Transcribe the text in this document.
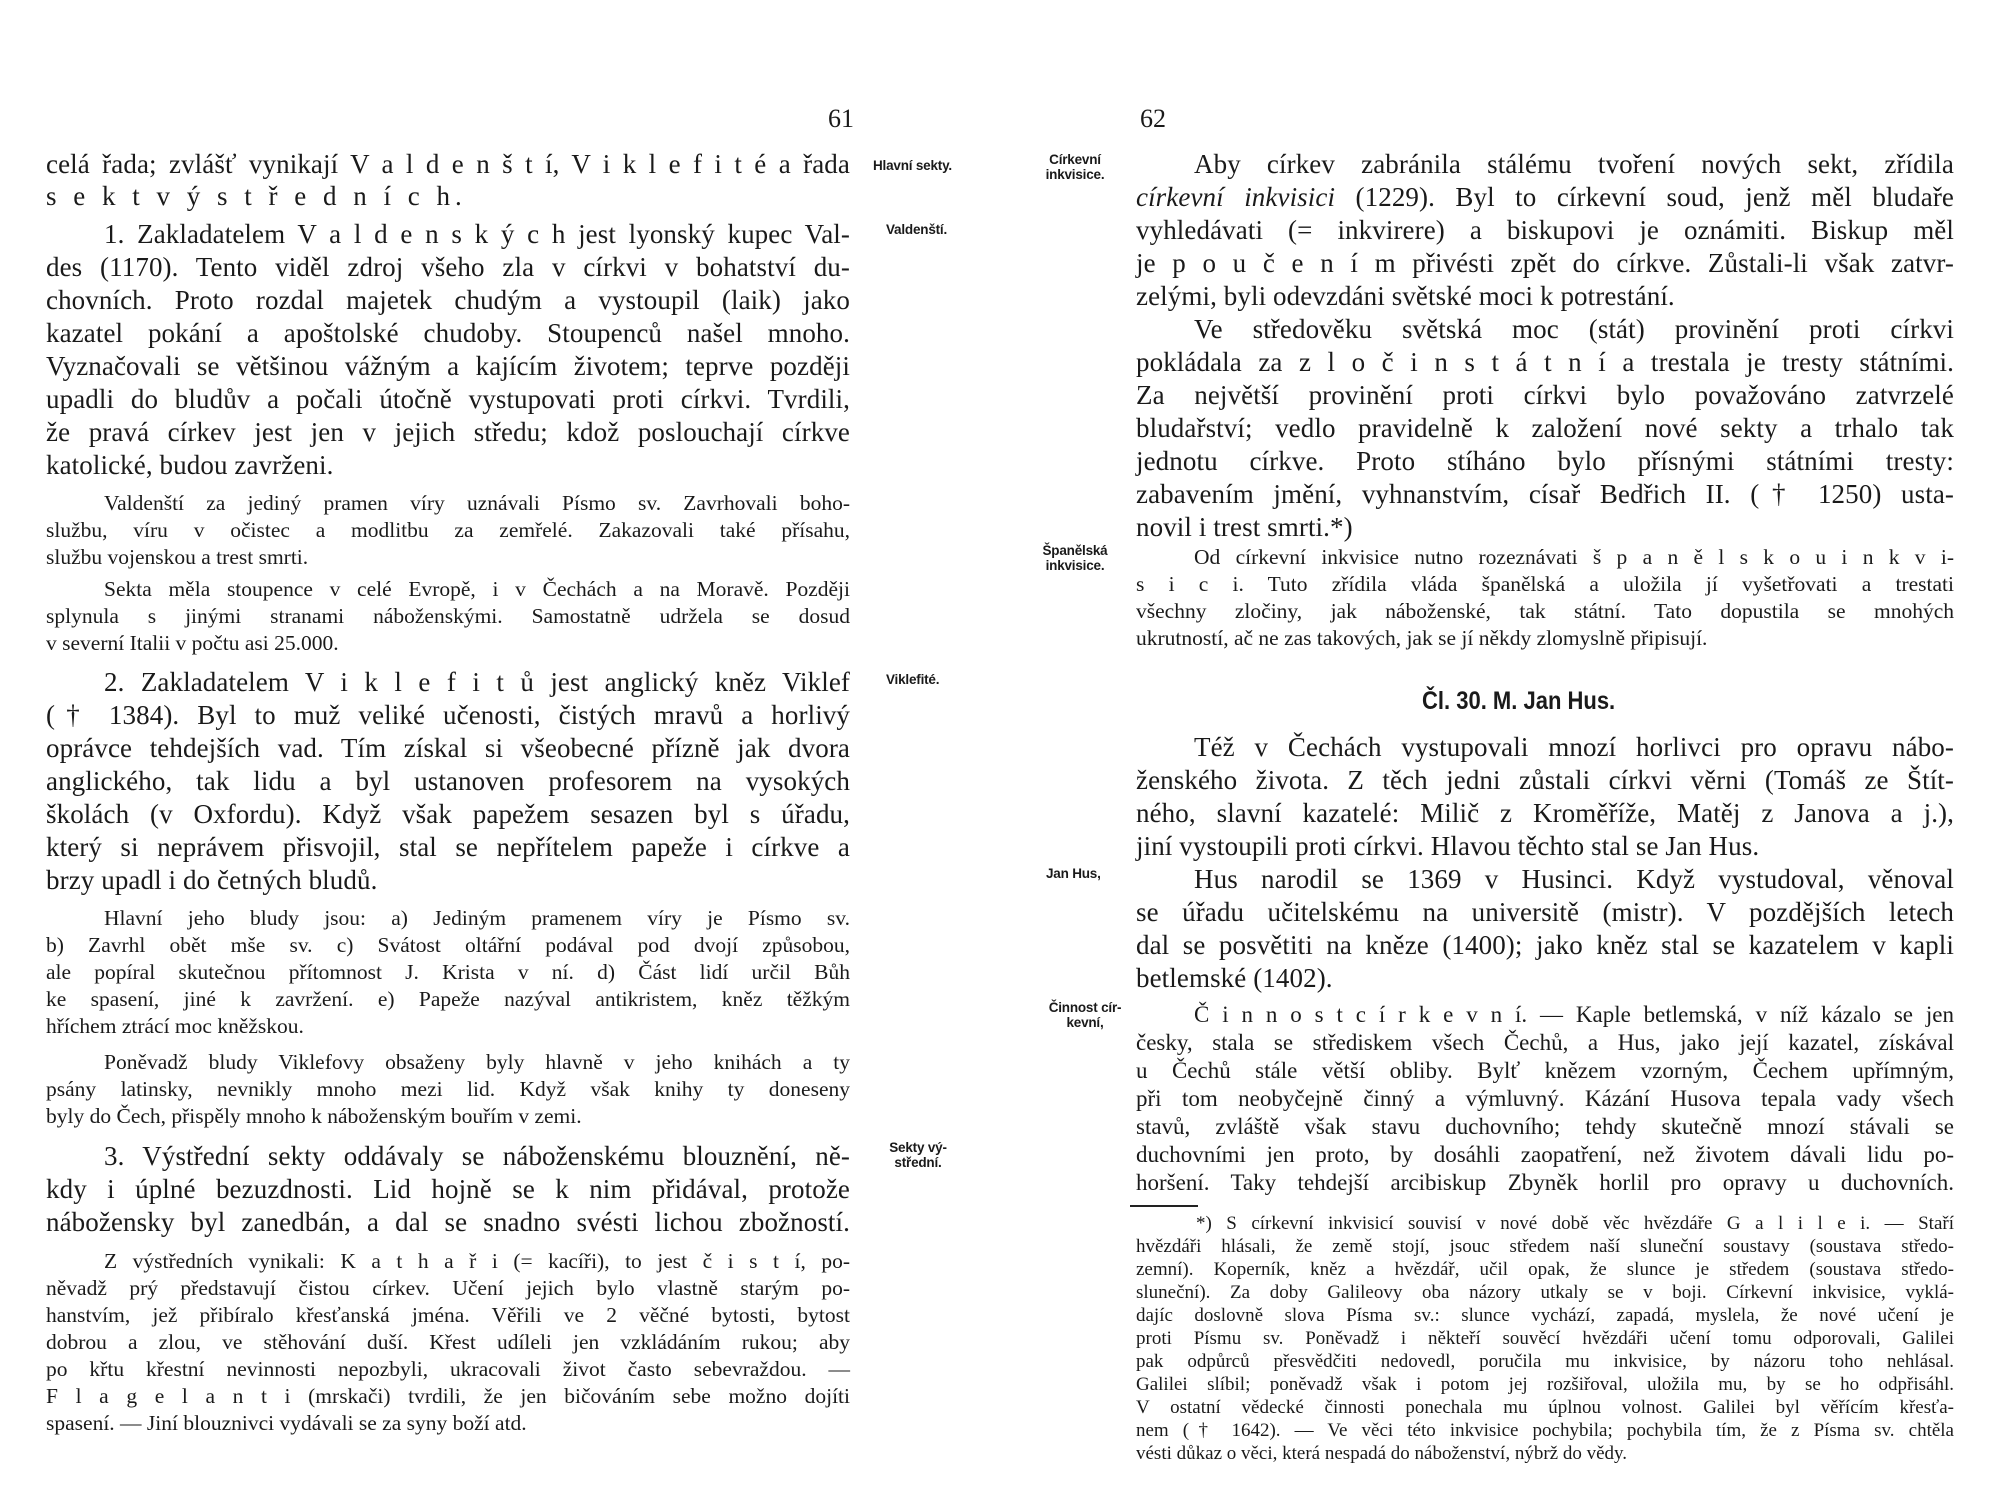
61
Hlavní sekty.
Valdenští.
Viklefité.
Sekty vý-
střední.
celá řada; zvlášť vynikají V a l d e n š t í, V i k l e f i t é a řada
s e k t v ý s t ř e d n í c h.
1. Zakladatelem V a l d e n s k ý c h jest lyonský kupec Val-
des (1170). Tento viděl zdroj všeho zla v církvi v bohatství du-
chovních. Proto rozdal majetek chudým a vystoupil (laik) jako
kazatel pokání a apoštolské chudoby. Stoupenců našel mnoho.
Vyznačovali se většinou vážným a kajícím životem; teprve později
upadli do bludův a počali útočně vystupovati proti církvi. Tvrdili,
že pravá církev jest jen v jejich středu; kdož poslouchají církve
katolické, budou zavrženi.
Valdenští za jediný pramen víry uznávali Písmo sv. Zavrhovali boho-
službu, víru v očistec a modlitbu za zemřelé. Zakazovali také přísahu,
službu vojenskou a trest smrti.
Sekta měla stoupence v celé Evropě, i v Čechách a na Moravě. Později
splynula s jinými stranami náboženskými. Samostatně udržela se dosud
v severní Italii v počtu asi 25.000.
2. Zakladatelem V i k l e f i t ů jest anglický kněz Viklef
(† 1384). Byl to muž veliké učenosti, čistých mravů a horlivý
oprávce tehdejších vad. Tím získal si všeobecné přízně jak dvora
anglického, tak lidu a byl ustanoven profesorem na vysokých
školách (v Oxfordu). Když však papežem sesazen byl s úřadu,
který si neprávem přisvojil, stal se nepřítelem papeže i církve a
brzy upadl i do četných bludů.
Hlavní jeho bludy jsou: a) Jediným pramenem víry je Písmo sv.
b) Zavrhl obět mše sv. c) Svátost oltářní podával pod dvojí způsobou,
ale popíral skutečnou přítomnost J. Krista v ní. d) Část lidí určil Bůh
ke spasení, jiné k zavržení. e) Papeže nazýval antikristem, kněz těžkým
hříchem ztrácí moc kněžskou.
Poněvadž bludy Viklefovy obsaženy byly hlavně v jeho knihách a ty
psány latinsky, nevnikly mnoho mezi lid. Když však knihy ty doneseny
byly do Čech, přispěly mnoho k náboženským bouřím v zemi.
3. Výstřední sekty oddávaly se náboženskému blouznění, ně-
kdy i úplné bezuzdnosti. Lid hojně se k nim přidával, protože
nábožensky byl zanedbán, a dal se snadno svésti lichou zbožností.
Z výstředních vynikali: K a t h a ř i (= kacíři), to jest č i s t í, po-
něvadž prý představují čistou církev. Učení jejich bylo vlastně starým po-
hanstvím, jež přibíralo křesťanská jména. Věřili ve 2 věčné bytosti, bytost
dobrou a zlou, ve stěhování duší. Křest udíleli jen vzkládáním rukou; aby
po křtu křestní nevinnosti nepozbyli, ukracovali život často sebevraždou. —
F l a g e l a n t i (mrskači) tvrdili, že jen bičováním sebe možno dojíti
spasení. — Jiní blouznivci vydávali se za syny boží atd.
62
Církevní
inkvisice.
Španělská
inkvisice.
Jan Hus,
Činnost cír-
kevní,
Aby církev zabránila stálému tvoření nových sekt, zřídila
církevní inkvisici (1229). Byl to církevní soud, jenž měl bludaře
vyhledávati (= inkvirere) a biskupovi je oznámiti. Biskup měl
je p o u č e n í m přivésti zpět do církve. Zůstali-li však zatvr-
zelými, byli odevzdáni světské moci k potrestání.
Ve středověku světská moc (stát) provinění proti církvi
pokládala za z l o č i n s t á t n í a trestala je tresty státními.
Za největší provinění proti církvi bylo považováno zatvrzelé
bludařství; vedlo pravidelně k založení nové sekty a trhalo tak
jednotu církve. Proto stíháno bylo přísnými státními tresty:
zabavením jmění, vyhnanstvím, císař Bedřich II. († 1250) usta-
novil i trest smrti.*)
Od církevní inkvisice nutno rozeznávati š p a n ě l s k o u i n k v i-
s i c i. Tuto zřídila vláda španělská a uložila jí vyšetřovati a trestati
všechny zločiny, jak náboženské, tak státní. Tato dopustila se mnohých
ukrutností, ač ne zas takových, jak se jí někdy zlomyslně připisují.
Čl. 30. M. Jan Hus.
Též v Čechách vystupovali mnozí horlivci pro opravu nábo-
ženského života. Z těch jedni zůstali církvi věrni (Tomáš ze Štít-
ného, slavní kazatelé: Milič z Kroměříže, Matěj z Janova a j.),
jiní vystoupili proti církvi. Hlavou těchto stal se Jan Hus.
Hus narodil se 1369 v Husinci. Když vystudoval, věnoval
se úřadu učitelskému na universitě (mistr). V pozdějších letech
dal se posvětiti na kněze (1400); jako kněz stal se kazatelem v kapli
betlemské (1402).
Č i n n o s t c í r k e v n í. — Kaple betlemská, v níž kázalo se jen
česky, stala se střediskem všech Čechů, a Hus, jako její kazatel, získával
u Čechů stále větší obliby. Bylť knězem vzorným, Čechem upřímným,
při tom neobyčejně činný a výmluvný. Kázání Husova tepala vady všech
stavů, zvláště však stavu duchovního; tehdy skutečně mnozí stávali se
duchovními jen proto, by dosáhli zaopatření, než životem dávali lidu po-
horšení. Taky tehdejší arcibiskup Zbyněk horlil pro opravy u duchovních.
*) S církevní inkvisicí souvisí v nové době věc hvězdáře G a l i l e i. — Staří
hvězdáři hlásali, že země stojí, jsouc středem naší sluneční soustavy (soustava středo-
zemní). Koperník, kněz a hvězdář, učil opak, že slunce je středem (soustava středo-
sluneční). Za doby Galileovy oba názory utkaly se v boji. Církevní inkvisice, vyklá-
dajíc doslovně slova Písma sv.: slunce vychází, zapadá, myslela, že nové učení je
proti Písmu sv. Poněvadž i někteří souvěcí hvězdáři učení tomu odporovali, Galilei
pak odpůrců přesvědčiti nedovedl, poručila mu inkvisice, by názoru toho nehlásal.
Galilei slíbil; poněvadž však i potom jej rozšiřoval, uložila mu, by se ho odpřisáhl.
V ostatní vědecké činnosti ponechala mu úplnou volnost. Galilei byl věřícím křesťa-
nem († 1642). — Ve věci této inkvisice pochybila; pochybila tím, že z Písma sv. chtěla
vésti důkaz o věci, která nespadá do náboženství, nýbrž do vědy.
